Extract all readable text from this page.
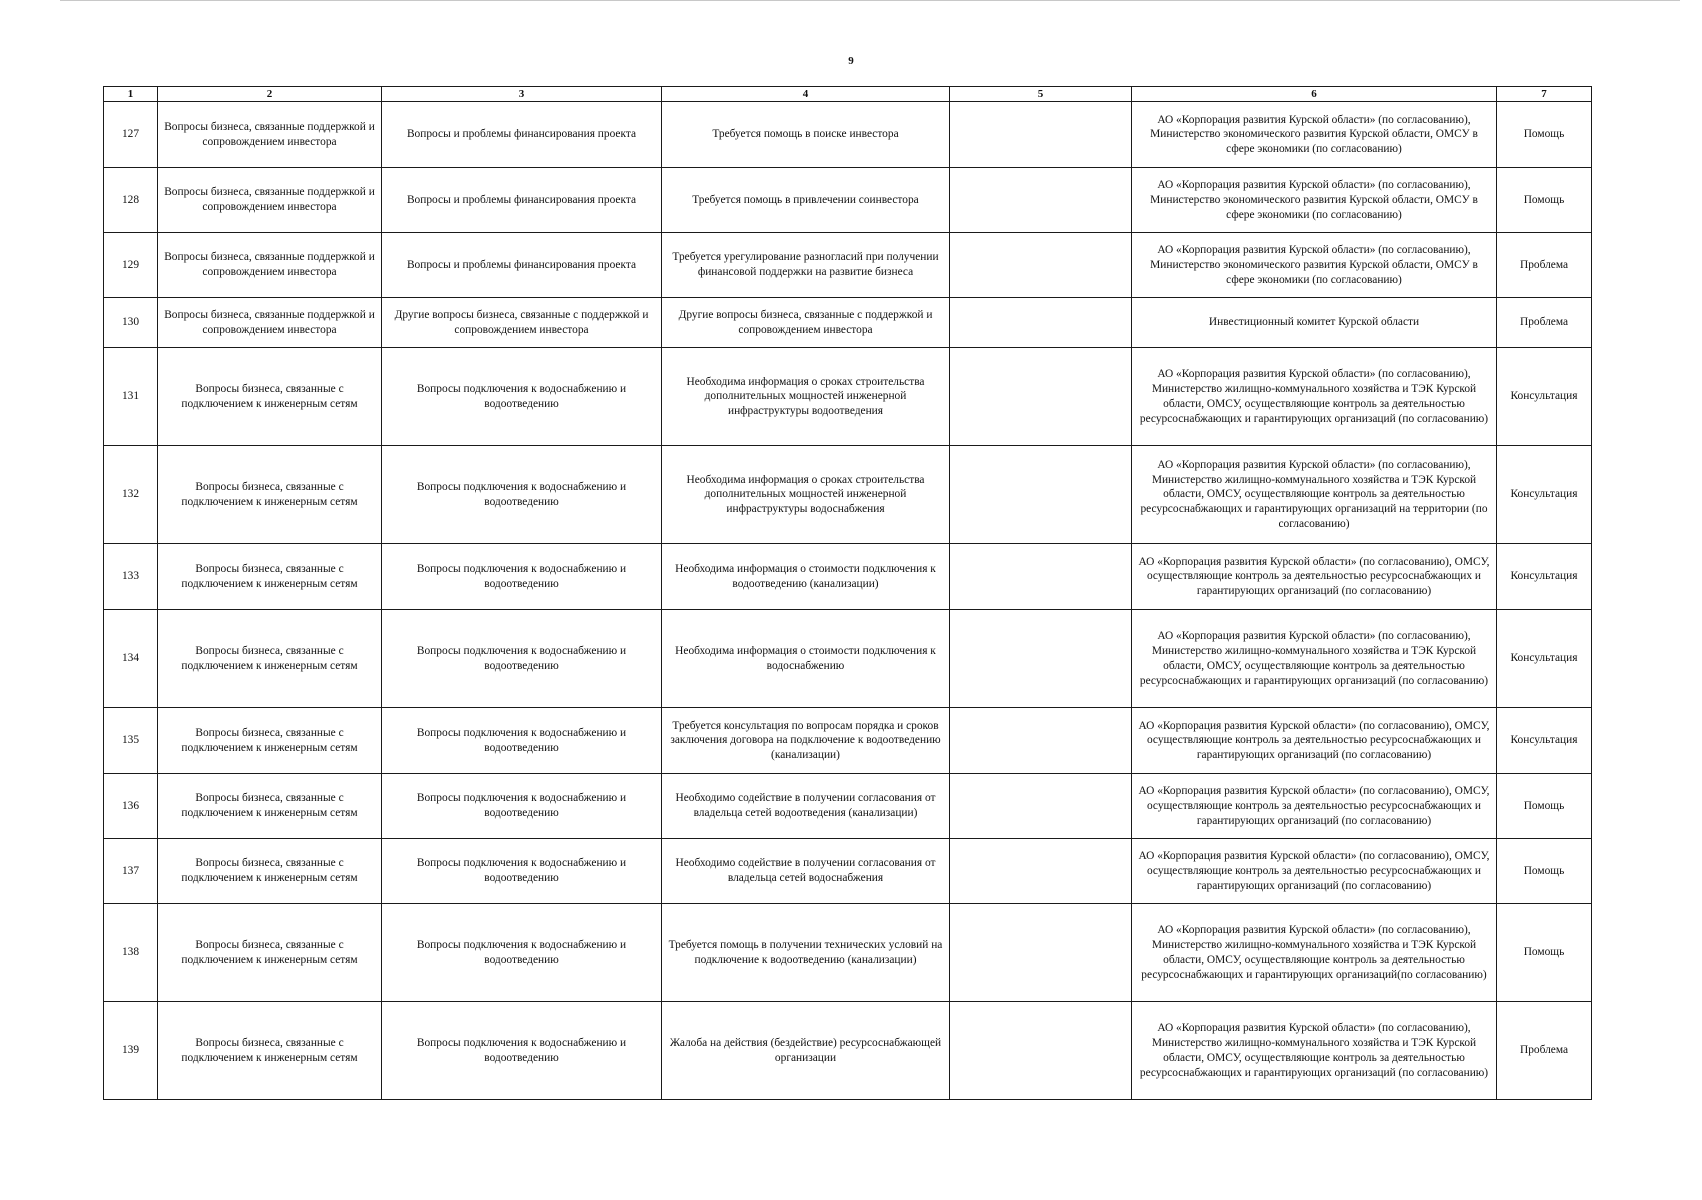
9
1	2	3	4	5	6	7
127	Вопросы бизнеса, связанные поддержкой и сопровождением инвестора	Вопросы и проблемы финансирования проекта	Требуется помощь в поиске инвестора		АО «Корпорация развития Курской области» (по согласованию), Министерство экономического развития Курской области, ОМСУ в сфере экономики (по согласованию)	Помощь
128	Вопросы бизнеса, связанные поддержкой и сопровождением инвестора	Вопросы и проблемы финансирования проекта	Требуется помощь в привлечении соинвестора		АО «Корпорация развития Курской области» (по согласованию), Министерство экономического развития Курской области, ОМСУ в сфере экономики (по согласованию)	Помощь
129	Вопросы бизнеса, связанные поддержкой и сопровождением инвестора	Вопросы и проблемы финансирования проекта	Требуется урегулирование разногласий при получении финансовой поддержки на развитие бизнеса		АО «Корпорация развития Курской области» (по согласованию), Министерство экономического развития Курской области, ОМСУ в сфере экономики (по согласованию)	Проблема
130	Вопросы бизнеса, связанные поддержкой и сопровождением инвестора	Другие вопросы бизнеса, связанные с поддержкой и сопровождением инвестора	Другие вопросы бизнеса, связанные с поддержкой и сопровождением инвестора		Инвестиционный комитет Курской области	Проблема
131	Вопросы бизнеса, связанные с подключением к инженерным сетям	Вопросы подключения к водоснабжению и водоотведению	Необходима информация о сроках строительства дополнительных мощностей инженерной инфраструктуры водоотведения		АО «Корпорация развития Курской области» (по согласованию), Министерство жилищно-коммунального хозяйства и ТЭК Курской области, ОМСУ, осуществляющие контроль за деятельностью ресурсоснабжающих и гарантирующих организаций (по согласованию)	Консультация
132	Вопросы бизнеса, связанные с подключением к инженерным сетям	Вопросы подключения к водоснабжению и водоотведению	Необходима информация о сроках строительства дополнительных мощностей инженерной инфраструктуры водоснабжения		АО «Корпорация развития Курской области» (по согласованию), Министерство жилищно-коммунального хозяйства и ТЭК Курской области, ОМСУ, осуществляющие контроль за деятельностью ресурсоснабжающих и гарантирующих организаций на территории (по согласованию)	Консультация
133	Вопросы бизнеса, связанные с подключением к инженерным сетям	Вопросы подключения к водоснабжению и водоотведению	Необходима информация о стоимости подключения к водоотведению (канализации)		АО «Корпорация развития Курской области» (по согласованию), ОМСУ, осуществляющие контроль за деятельностью ресурсоснабжающих и гарантирующих организаций (по согласованию)	Консультация
134	Вопросы бизнеса, связанные с подключением к инженерным сетям	Вопросы подключения к водоснабжению и водоотведению	Необходима информация о стоимости подключения к водоснабжению		АО «Корпорация развития Курской области» (по согласованию), Министерство жилищно-коммунального хозяйства и ТЭК Курской области, ОМСУ, осуществляющие контроль за деятельностью ресурсоснабжающих и гарантирующих организаций (по согласованию)	Консультация
135	Вопросы бизнеса, связанные с подключением к инженерным сетям	Вопросы подключения к водоснабжению и водоотведению	Требуется консультация по вопросам порядка и сроков заключения договора на подключение к водоотведению (канализации)		АО «Корпорация развития Курской области» (по согласованию), ОМСУ, осуществляющие контроль за деятельностью ресурсоснабжающих и гарантирующих организаций (по согласованию)	Консультация
136	Вопросы бизнеса, связанные с подключением к инженерным сетям	Вопросы подключения к водоснабжению и водоотведению	Необходимо содействие в получении согласования от владельца сетей водоотведения (канализации)		АО «Корпорация развития Курской области» (по согласованию), ОМСУ, осуществляющие контроль за деятельностью ресурсоснабжающих и гарантирующих организаций (по согласованию)	Помощь
137	Вопросы бизнеса, связанные с подключением к инженерным сетям	Вопросы подключения к водоснабжению и водоотведению	Необходимо содействие в получении согласования от владельца сетей водоснабжения		АО «Корпорация развития Курской области» (по согласованию), ОМСУ, осуществляющие контроль за деятельностью ресурсоснабжающих и гарантирующих организаций (по согласованию)	Помощь
138	Вопросы бизнеса, связанные с подключением к инженерным сетям	Вопросы подключения к водоснабжению и водоотведению	Требуется помощь в получении технических условий на подключение к водоотведению (канализации)		АО «Корпорация развития Курской области» (по согласованию), Министерство жилищно-коммунального хозяйства и ТЭК Курской области, ОМСУ, осуществляющие контроль за деятельностью ресурсоснабжающих и гарантирующих организаций(по согласованию)	Помощь
139	Вопросы бизнеса, связанные с подключением к инженерным сетям	Вопросы подключения к водоснабжению и водоотведению	Жалоба на действия (бездействие) ресурсоснабжающей организации		АО «Корпорация развития Курской области» (по согласованию), Министерство жилищно-коммунального хозяйства и ТЭК Курской области, ОМСУ, осуществляющие контроль за деятельностью ресурсоснабжающих и гарантирующих организаций (по согласованию)	Проблема
